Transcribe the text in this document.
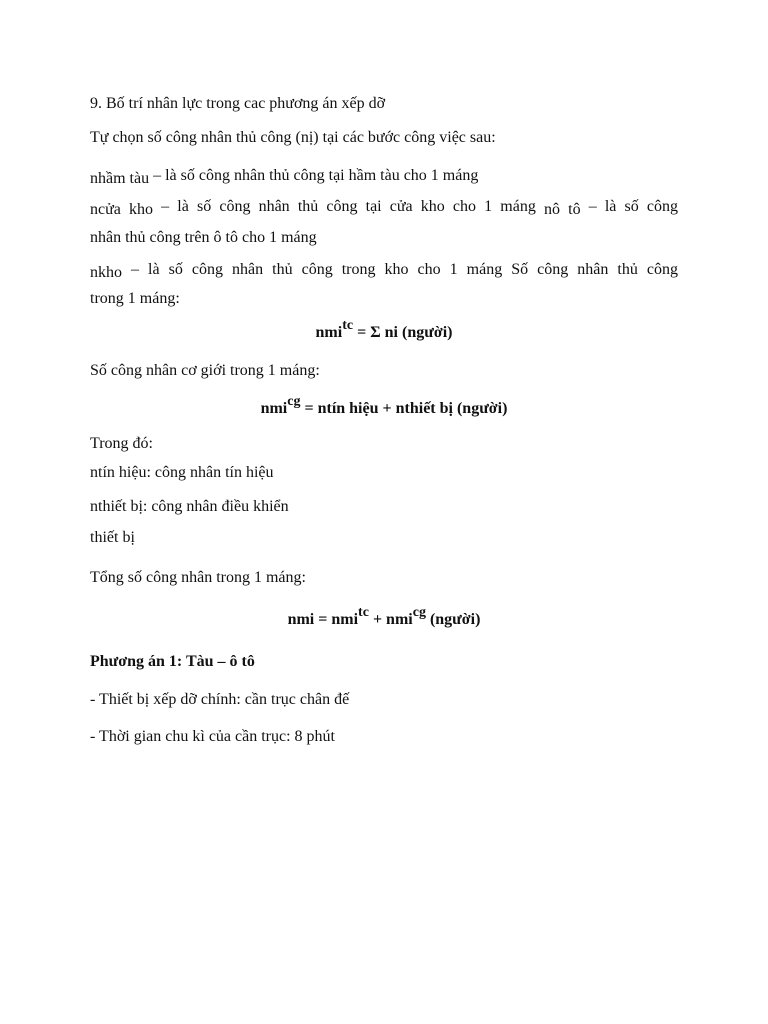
9. Bố trí nhân lực trong cac phương án xếp dỡ
Tự chọn số công nhân thủ công (nị) tại các bước công việc sau:
nhầm tàu – là số công nhân thủ công tại hầm tàu cho 1 máng
ncửa kho – là số công nhân thủ công tại cửa kho cho 1 máng nô tô – là số công
nhân thủ công trên ô tô cho 1 máng
nkho – là số công nhân thủ công trong kho cho 1 máng Số công nhân thủ công
trong 1 máng:
nmi$^{tc}$ = Σ ni (người)
Số công nhân cơ giới trong 1 máng:
nmi$^{cg}$ = ntín hiệu + nthiết bị (người)
Trong đó:
ntín hiệu: công nhân tín hiệu
nthiết bị: công nhân điều khiển
thiết bị
Tổng số công nhân trong 1 máng:
nmi = nmi$^{tc}$ + nmi$^{cg}$ (người)
Phương án 1: Tàu – ô tô
- Thiết bị xếp dỡ chính: cần trục chân đế
- Thời gian chu kì của cần trục: 8 phút
